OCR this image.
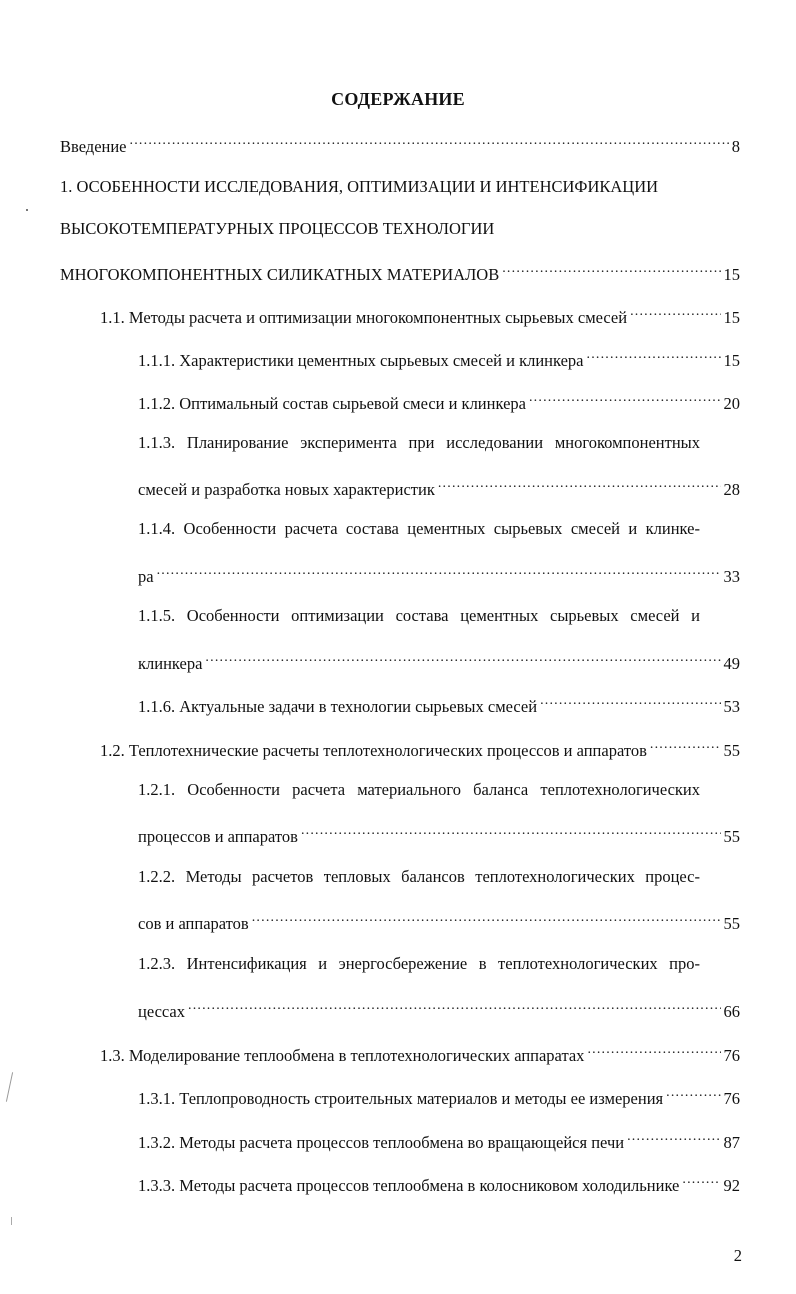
СОДЕРЖАНИЕ
Введение .....	8
1. ОСОБЕННОСТИ ИССЛЕДОВАНИЯ, ОПТИМИЗАЦИИ И ИНТЕНСИФИКАЦИИ
ВЫСОКОТЕМПЕРАТУРНЫХ ПРОЦЕССОВ ТЕХНОЛОГИИ
МНОГОКОМПОНЕНТНЫХ СИЛИКАТНЫХ МАТЕРИАЛОВ .....	15
1.1. Методы расчета и оптимизации многокомпонентных сырьевых смесей .....	15
1.1.1. Характеристики цементных сырьевых смесей и клинкера .....	15
1.1.2. Оптимальный состав сырьевой смеси и клинкера .....	20
1.1.3. Планирование эксперимента при исследовании многокомпонентных
смесей и разработка новых характеристик .....	28
1.1.4. Особенности расчета состава цементных сырьевых смесей и клинке-
ра .....	33
1.1.5. Особенности оптимизации состава цементных сырьевых смесей и
клинкера .....	49
1.1.6. Актуальные задачи в технологии сырьевых смесей .....	53
1.2. Теплотехнические расчеты теплотехнологических процессов и аппаратов .....	55
1.2.1. Особенности расчета материального баланса теплотехнологических
процессов и аппаратов .....	55
1.2.2. Методы расчетов тепловых балансов теплотехнологических процес-
сов и аппаратов .....	55
1.2.3. Интенсификация и энергосбережение в теплотехнологических про-
цессах .....	66
1.3. Моделирование теплообмена в теплотехнологических аппаратах .....	76
1.3.1. Теплопроводность строительных материалов и методы ее измерения .....	76
1.3.2. Методы расчета процессов теплообмена во вращающейся печи .....	87
1.3.3. Методы расчета процессов теплообмена в колосниковом холодильнике .....	92
2
